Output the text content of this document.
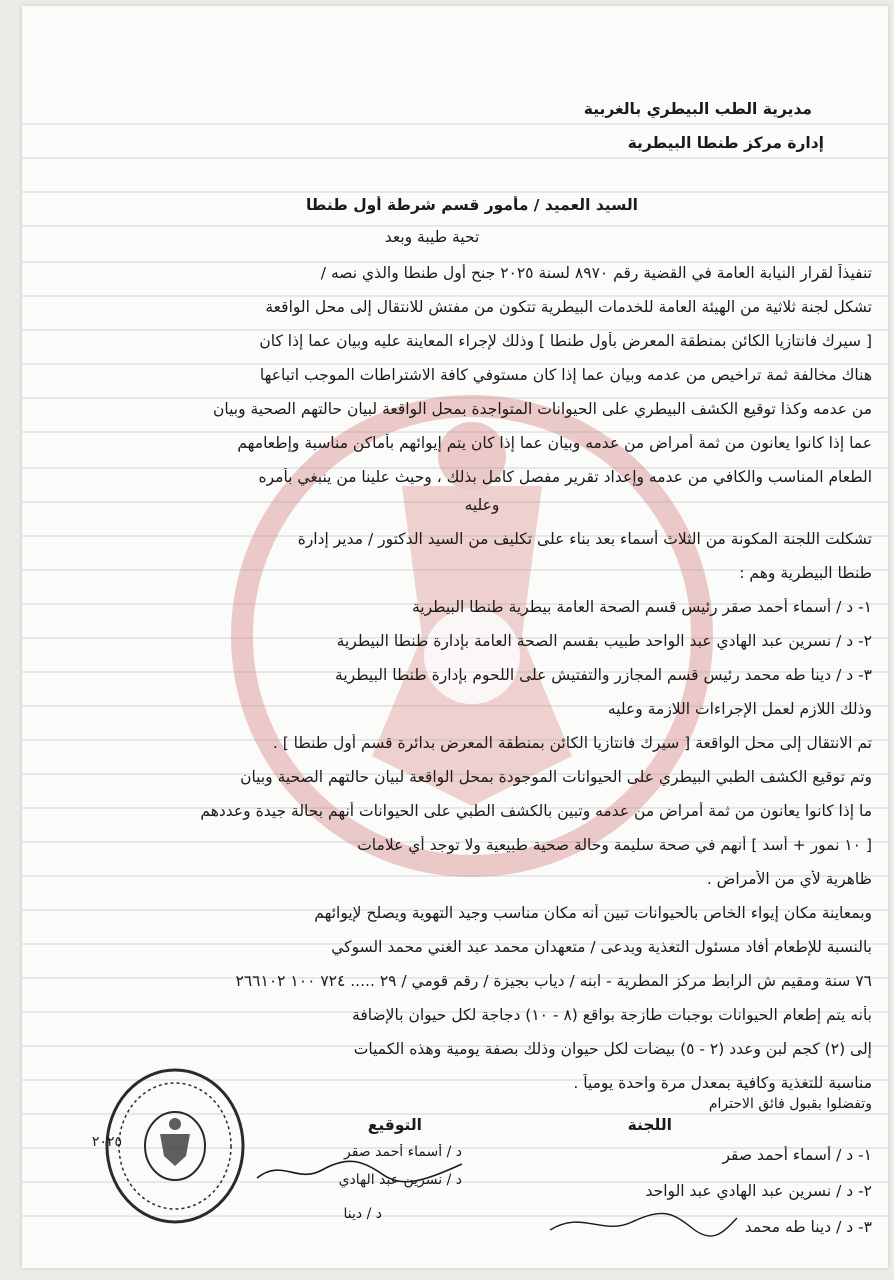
مديرية الطب البيطري بالغربية
إدارة مركز طنطا البيطرية
السيد العميد / مأمور قسم شرطة أول طنطا
تحية طيبة وبعد
تنفيذاً لقرار النيابة العامة في القضية رقم ٨٩٧٠ لسنة ٢٠٢٥ جنح أول طنطا والذي نصه /
تشكل لجنة ثلاثية من الهيئة العامة للخدمات البيطرية تتكون من مفتش للانتقال إلى محل الواقعة
[ سيرك فانتازيا الكائن بمنطقة المعرض بأول طنطا ] وذلك لإجراء المعاينة عليه وبيان عما إذا كان
هناك مخالفة ثمة تراخيص من عدمه وبيان عما إذا كان مستوفي كافة الاشتراطات الموجب اتباعها
من عدمه وكذا توقيع الكشف البيطري على الحيوانات المتواجدة بمحل الواقعة لبيان حالتهم الصحية وبيان
عما إذا كانوا يعانون من ثمة أمراض من عدمه وبيان عما إذا كان يتم إيوائهم بأماكن مناسبة وإطعامهم
الطعام المناسب والكافي من عدمه وإعداد تقرير مفصل كامل بذلك ، وحيث علينا من ينبغي بأمره
وعليه
تشكلت اللجنة المكونة من الثلاث أسماء بعد بناء على تكليف من السيد الدكتور / مدير إدارة
طنطا البيطرية وهم :
١- د / أسماء أحمد صقر رئيس قسم الصحة العامة بيطرية طنطا البيطرية
٢- د / نسرين عبد الهادي عبد الواحد طبيب بقسم الصحة العامة بإدارة طنطا البيطرية
٣- د / دينا طه محمد رئيس قسم المجازر والتفتيش على اللحوم بإدارة طنطا البيطرية
وذلك اللازم لعمل الإجراءات اللازمة وعليه
تم الانتقال إلى محل الواقعة [ سيرك فانتازيا الكائن بمنطقة المعرض بدائرة قسم أول طنطا ] .
وتم توقيع الكشف الطبي البيطري على الحيوانات الموجودة بمحل الواقعة لبيان حالتهم الصحية وبيان
ما إذا كانوا يعانون من ثمة أمراض من عدمه وتبين بالكشف الطبي على الحيوانات أنهم بحالة جيدة وعددهم
[ ١٠ نمور + أسد ] أنهم في صحة سليمة وحالة صحية طبيعية ولا توجد أي علامات
ظاهرية لأي من الأمراض .
وبمعاينة مكان إيواء الخاص بالحيوانات تبين أنه مكان مناسب وجيد التهوية ويصلح لإيوائهم
بالنسبة للإطعام أفاد مسئول التغذية ويدعى / متعهدان محمد عبد الغني محمد السوكي
٧٦ سنة ومقيم ش الرابط مركز المطرية - ابنه / دياب بجيزة / رقم قومي / ٢٩ ..... ٧٢٤ ١٠٠ ٢٦٦١٠٢
بأنه يتم إطعام الحيوانات بوجبات طازجة بواقع (٨ - ١٠) دجاجة لكل حيوان بالإضافة
إلى (٢) كجم لبن وعدد (٢ - ٥) بيضات لكل حيوان وذلك بصفة يومية وهذه الكميات
مناسبة للتغذية وكافية بمعدل مرة واحدة يومياً .
وتفضلوا بقبول فائق الاحترام
التوقيع	اللجنة
١- د / أسماء أحمد صقر
٢- د / نسرين عبد الهادي عبد الواحد
٣- د / دينا طه محمد
د / أسماء أحمد صقر
د / نسرين عبد الهادي
د / دينا
٢٠٢٥
